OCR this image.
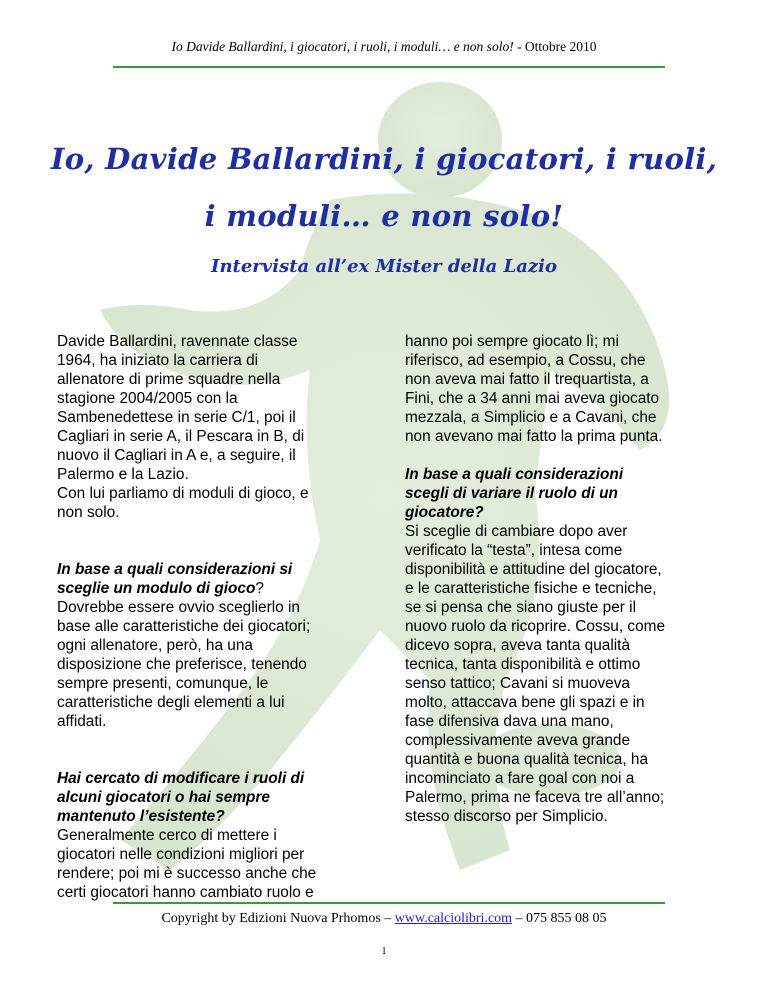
Io Davide Ballardini, i giocatori, i ruoli, i moduli… e non solo! - Ottobre 2010
Io, Davide Ballardini, i giocatori, i ruoli,
i moduli… e non solo!
Intervista all’ex Mister della Lazio

Davide Ballardini, ravennate classe
1964, ha iniziato la carriera di
allenatore di prime squadre nella
stagione 2004/2005 con la
Sambenedettese in serie C/1, poi il
Cagliari in serie A, il Pescara in B, di
nuovo il Cagliari in A e, a seguire, il
Palermo e la Lazio.
Con lui parliamo di moduli di gioco, e
non solo.

In base a quali considerazioni si
sceglie un modulo di gioco?
Dovrebbe essere ovvio sceglierlo in
base alle caratteristiche dei giocatori;
ogni allenatore, però, ha una
disposizione che preferisce, tenendo
sempre presenti, comunque, le
caratteristiche degli elementi a lui
affidati.

Hai cercato di modificare i ruoli di
alcuni giocatori o hai sempre
mantenuto l’esistente?
Generalmente cerco di mettere i
giocatori nelle condizioni migliori per
rendere; poi mi è successo anche che
certi giocatori hanno cambiato ruolo e

hanno poi sempre giocato lì; mi
riferisco, ad esempio, a Cossu, che
non aveva mai fatto il trequartista, a
Fini, che a 34 anni mai aveva giocato
mezzala, a Simplicio e a Cavani, che
non avevano mai fatto la prima punta.

In base a quali considerazioni
scegli di variare il ruolo di un
giocatore?
Si sceglie di cambiare dopo aver
verificato la “testa”, intesa come
disponibilità e attitudine del giocatore,
e le caratteristiche fisiche e tecniche,
se si pensa che siano giuste per il
nuovo ruolo da ricoprire. Cossu, come
dicevo sopra, aveva tanta qualità
tecnica, tanta disponibilità e ottimo
senso tattico; Cavani si muoveva
molto, attaccava bene gli spazi e in
fase difensiva dava una mano,
complessivamente aveva grande
quantità e buona qualità tecnica, ha
incominciato a fare goal con noi a
Palermo, prima ne faceva tre all’anno;
stesso discorso per Simplicio.

Copyright by Edizioni Nuova Prhomos – www.calciolibri.com – 075 855 08 05
1
